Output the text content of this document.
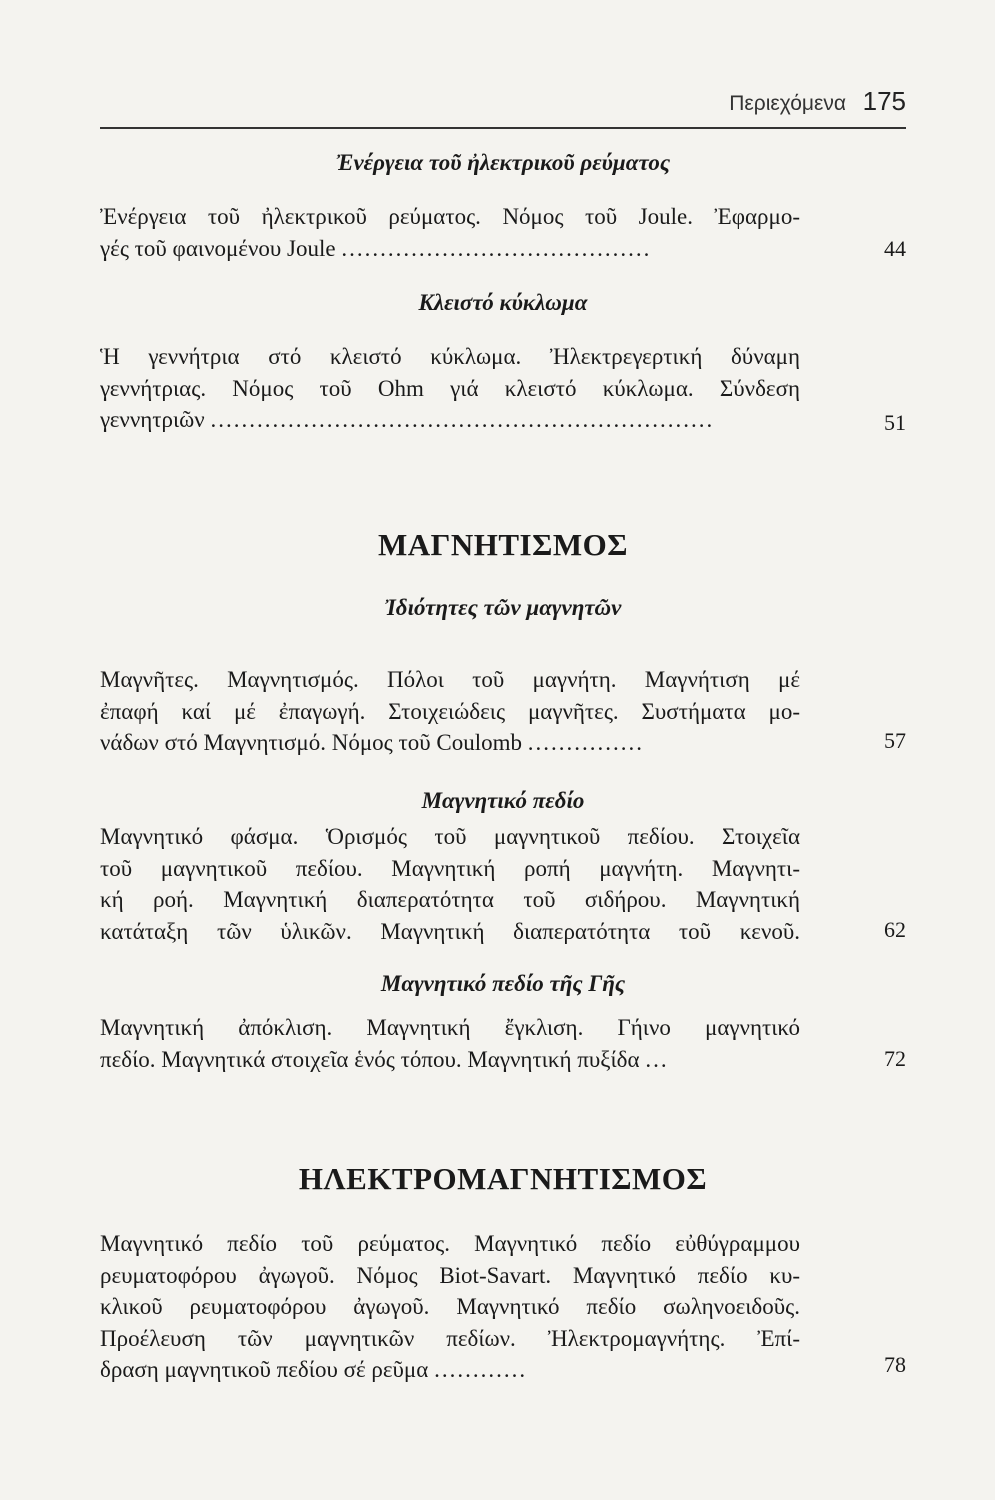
Περιεχόμενα 175
Ἐνέργεια τοῦ ἠλεκτρικοῦ ρεύματος
Ἐνέργεια τοῦ ἠλεκτρικοῦ ρεύματος. Νόμος τοῦ Joule. Ἐφαρμο-
γές τοῦ φαινομένου Joule ........................................	44
Κλειστό κύκλωμα
Ἡ γεννήτρια στό κλειστό κύκλωμα. Ἠλεκτρεγερτική δύναμη
γεννήτριας. Νόμος τοῦ Ohm γιά κλειστό κύκλωμα. Σύνδεση
γεννητριῶν .................................................................	51
ΜΑΓΝΗΤΙΣΜΟΣ
Ἰδιότητες τῶν μαγνητῶν
Μαγνῆτες. Μαγνητισμός. Πόλοι τοῦ μαγνήτη. Μαγνήτιση μέ
ἐπαφή καί μέ ἐπαγωγή. Στοιχειώδεις μαγνῆτες. Συστήματα μο-
νάδων στό Μαγνητισμό. Νόμος τοῦ Coulomb ...............	57
Μαγνητικό πεδίο
Μαγνητικό φάσμα. Ὁρισμός τοῦ μαγνητικοῦ πεδίου. Στοιχεῖα
τοῦ μαγνητικοῦ πεδίου. Μαγνητική ροπή μαγνήτη. Μαγνητι-
κή ροή. Μαγνητική διαπερατότητα τοῦ σιδήρου. Μαγνητική
κατάταξη τῶν ὑλικῶν. Μαγνητική διαπερατότητα τοῦ κενοῦ.	62
Μαγνητικό πεδίο τῆς Γῆς
Μαγνητική ἀπόκλιση. Μαγνητική ἔγκλιση. Γήινο μαγνητικό
πεδίο. Μαγνητικά στοιχεῖα ἑνός τόπου. Μαγνητική πυξίδα ...	72
ΗΛΕΚΤΡΟΜΑΓΝΗΤΙΣΜΟΣ
Μαγνητικό πεδίο τοῦ ρεύματος. Μαγνητικό πεδίο εὐθύγραμμου
ρευματοφόρου ἀγωγοῦ. Νόμος Biot-Savart. Μαγνητικό πεδίο κυ-
κλικοῦ ρευματοφόρου ἀγωγοῦ. Μαγνητικό πεδίο σωληνοειδοῦς.
Προέλευση τῶν μαγνητικῶν πεδίων. Ἠλεκτρομαγνήτης. Ἐπί-
δραση μαγνητικοῦ πεδίου σέ ρεῦμα ............	78
